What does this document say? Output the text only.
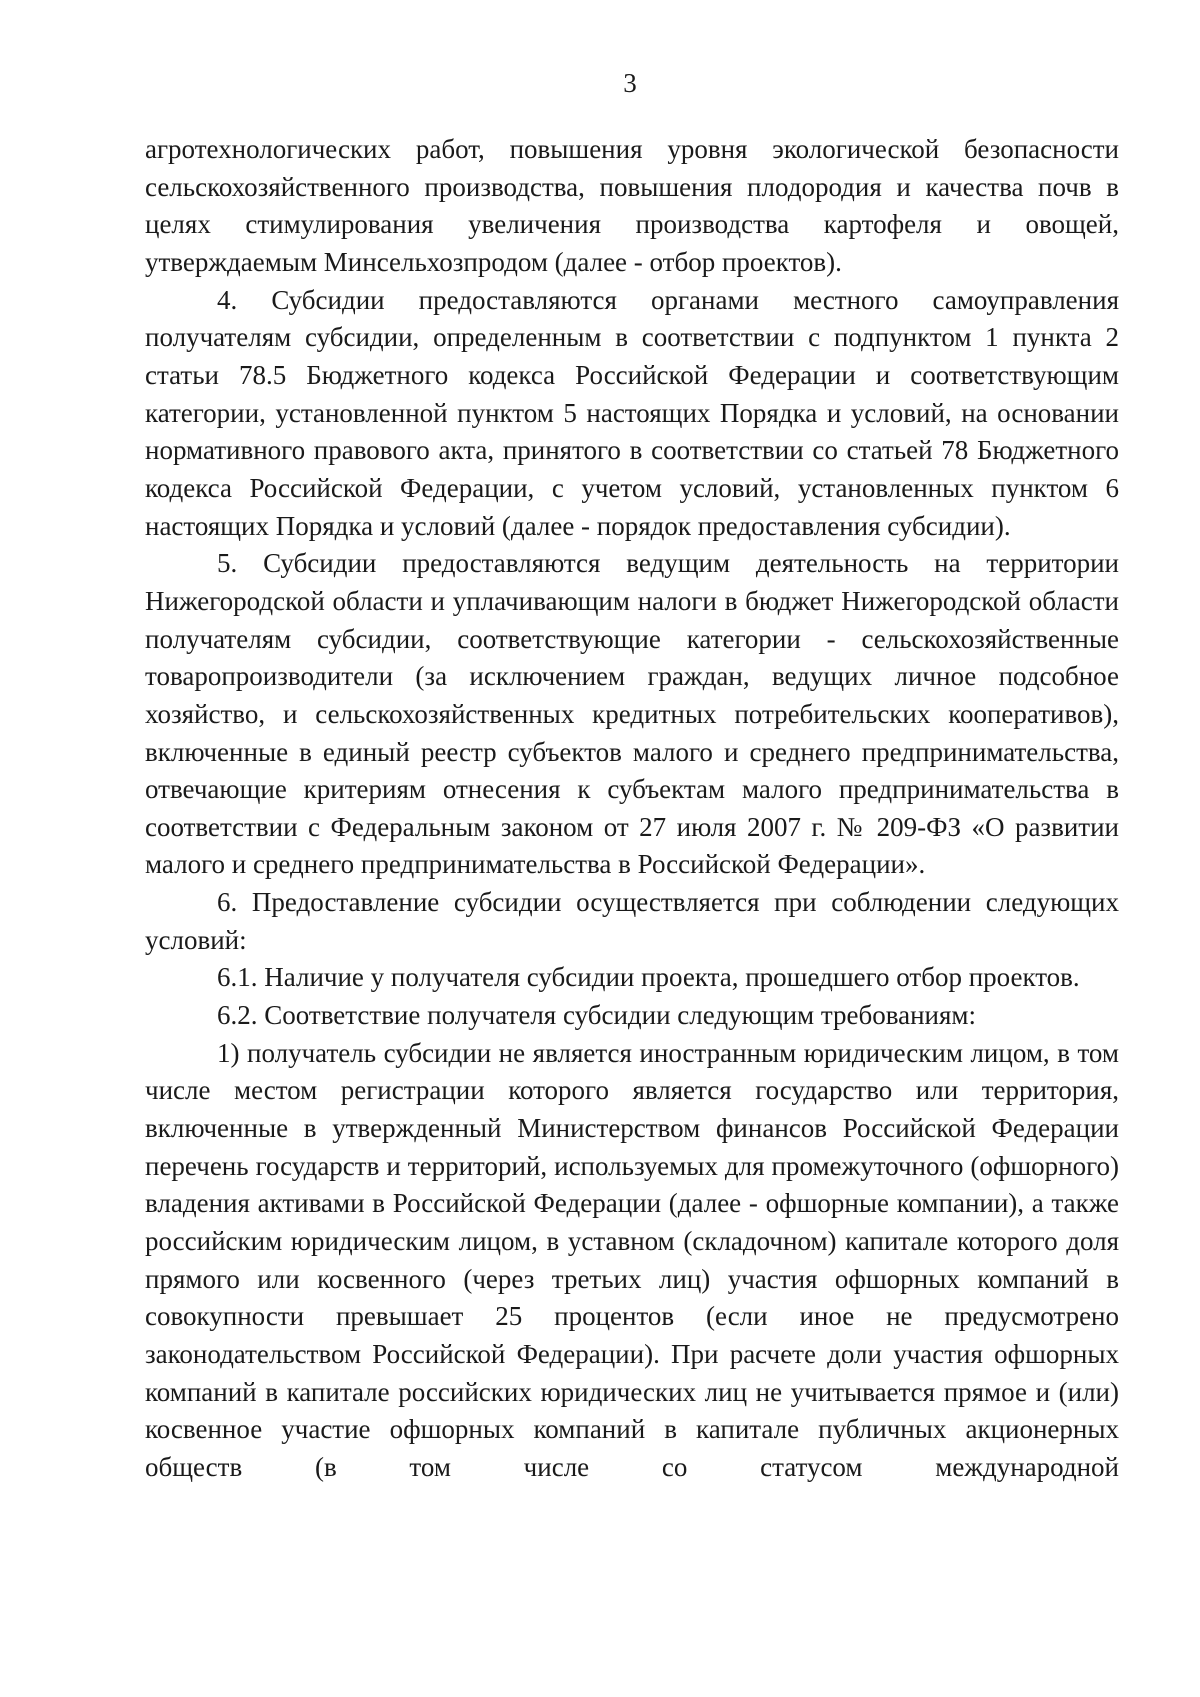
3

агротехнологических работ, повышения уровня экологической безопасности сельскохозяйственного производства, повышения плодородия и качества почв в целях стимулирования увеличения производства картофеля и овощей, утверждаемым Минсельхозпродом (далее - отбор проектов).

4. Субсидии предоставляются органами местного самоуправления получателям субсидии, определенным в соответствии с подпунктом 1 пункта 2 статьи 78.5 Бюджетного кодекса Российской Федерации и соответствующим категории, установленной пунктом 5 настоящих Порядка и условий, на основании нормативного правового акта, принятого в соответствии со статьей 78 Бюджетного кодекса Российской Федерации, с учетом условий, установленных пунктом 6 настоящих Порядка и условий (далее - порядок предоставления субсидии).

5. Субсидии предоставляются ведущим деятельность на территории Нижегородской области и уплачивающим налоги в бюджет Нижегородской области получателям субсидии, соответствующие категории - сельскохозяйственные товаропроизводители (за исключением граждан, ведущих личное подсобное хозяйство, и сельскохозяйственных кредитных потребительских кооперативов), включенные в единый реестр субъектов малого и среднего предпринимательства, отвечающие критериям отнесения к субъектам малого предпринимательства в соответствии с Федеральным законом от 27 июля 2007 г. № 209-ФЗ «О развитии малого и среднего предпринимательства в Российской Федерации».

6. Предоставление субсидии осуществляется при соблюдении следующих условий:

6.1. Наличие у получателя субсидии проекта, прошедшего отбор проектов.

6.2. Соответствие получателя субсидии следующим требованиям:

1) получатель субсидии не является иностранным юридическим лицом, в том числе местом регистрации которого является государство или территория, включенные в утвержденный Министерством финансов Российской Федерации перечень государств и территорий, используемых для промежуточного (офшорного) владения активами в Российской Федерации (далее - офшорные компании), а также российским юридическим лицом, в уставном (складочном) капитале которого доля прямого или косвенного (через третьих лиц) участия офшорных компаний в совокупности превышает 25 процентов (если иное не предусмотрено законодательством Российской Федерации). При расчете доли участия офшорных компаний в капитале российских юридических лиц не учитывается прямое и (или) косвенное участие офшорных компаний в капитале публичных акционерных обществ (в том числе со статусом международной
